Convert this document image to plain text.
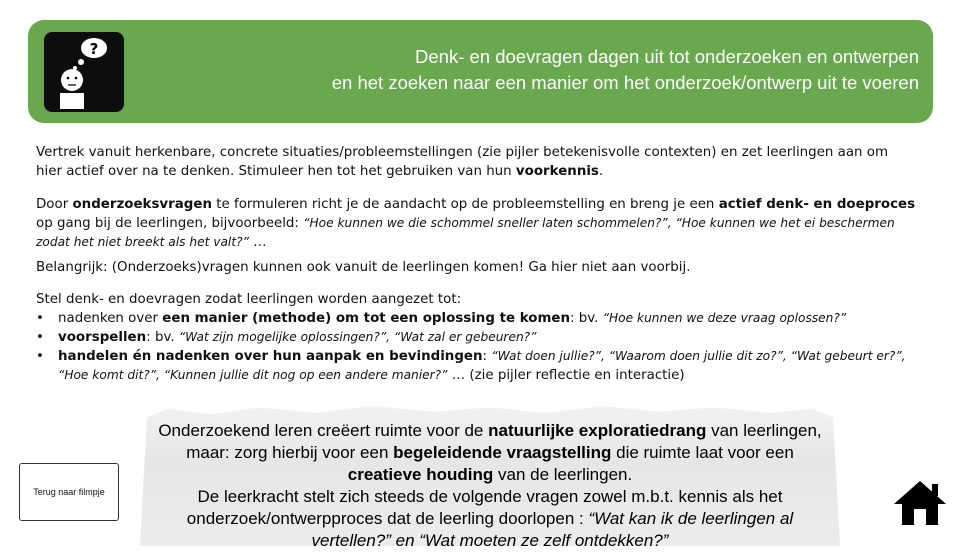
?	Denk- en doevragen dagen uit tot onderzoeken en ontwerpen
en het zoeken naar een manier om het onderzoek/ontwerp uit te voeren
Vertrek vanuit herkenbare, concrete situaties/probleemstellingen (zie pijler betekenisvolle contexten) en zet leerlingen aan om hier actief over na te denken. Stimuleer hen tot het gebruiken van hun voorkennis.
Door onderzoeksvragen te formuleren richt je de aandacht op de probleemstelling en breng je een actief denk- en doeproces op gang bij de leerlingen, bijvoorbeeld: “Hoe kunnen we die schommel sneller laten schommelen?”, “Hoe kunnen we het ei beschermen zodat het niet breekt als het valt?” …
Belangrijk: (Onderzoeks)vragen kunnen ook vanuit de leerlingen komen! Ga hier niet aan voorbij.
Stel denk- en doevragen zodat leerlingen worden aangezet tot:
• nadenken over een manier (methode) om tot een oplossing te komen: bv. “Hoe kunnen we deze vraag oplossen?”
• voorspellen: bv. “Wat zijn mogelijke oplossingen?”, “Wat zal er gebeuren?”
• handelen én nadenken over hun aanpak en bevindingen: “Wat doen jullie?”, “Waarom doen jullie dit zo?”, “Wat gebeurt er?”, “Hoe komt dit?”, “Kunnen jullie dit nog op een andere manier?” … (zie pijler reflectie en interactie)
Onderzoekend leren creëert ruimte voor de natuurlijke exploratiedrang van leerlingen, maar: zorg hierbij voor een begeleidende vraagstelling die ruimte laat voor een creatieve houding van de leerlingen.
De leerkracht stelt zich steeds de volgende vragen zowel m.b.t. kennis als het onderzoek/ontwerpproces dat de leerling doorlopen : “Wat kan ik de leerlingen al vertellen?” en “Wat moeten ze zelf ontdekken?”
Terug naar filmpje
